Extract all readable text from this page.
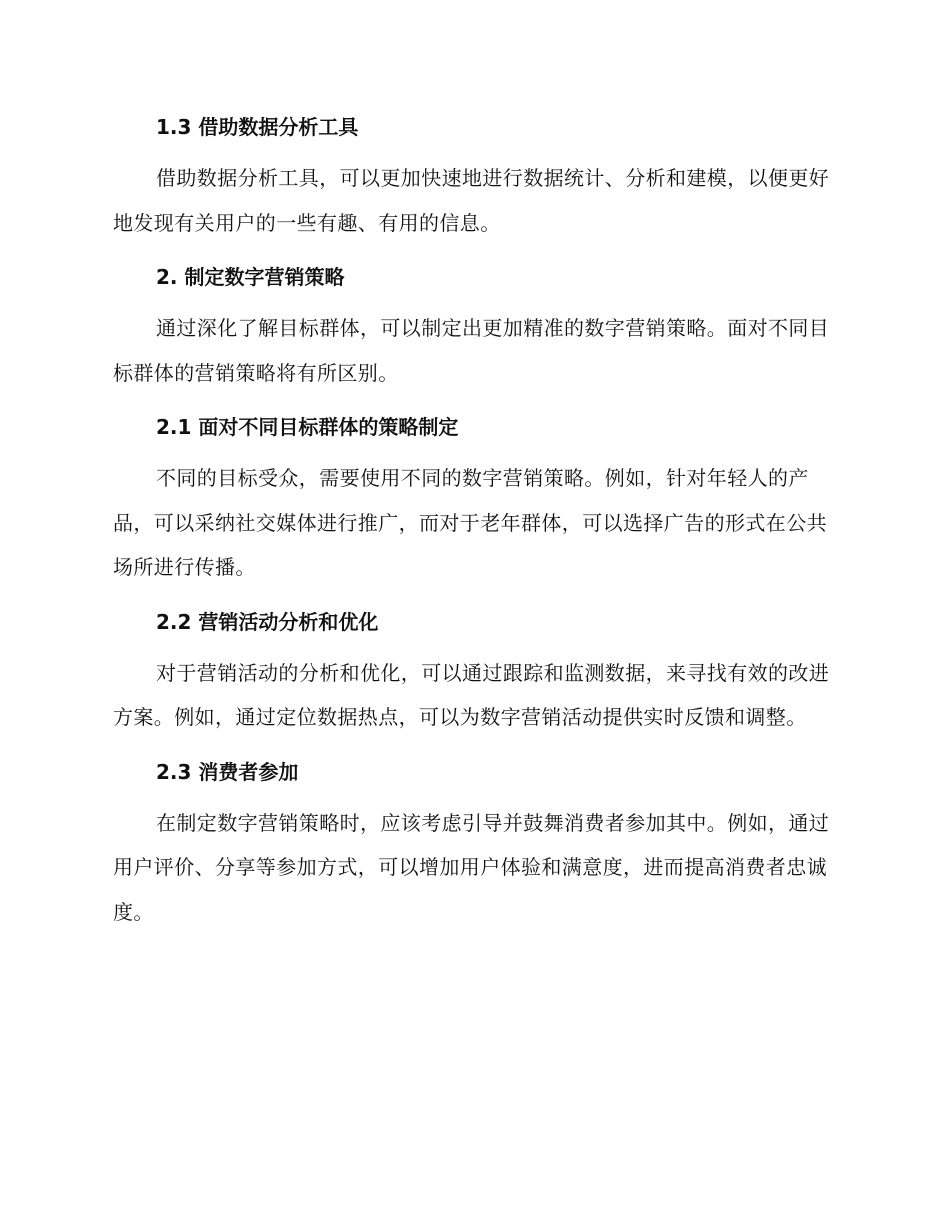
1.3 借助数据分析工具

借助数据分析工具，可以更加快速地进行数据统计、分析和建模，以便更好地发现有关用户的一些有趣、有用的信息。

2. 制定数字营销策略

通过深化了解目标群体，可以制定出更加精准的数字营销策略。面对不同目标群体的营销策略将有所区别。

2.1 面对不同目标群体的策略制定

不同的目标受众，需要使用不同的数字营销策略。例如，针对年轻人的产品，可以采纳社交媒体进行推广，而对于老年群体，可以选择广告的形式在公共场所进行传播。

2.2 营销活动分析和优化

对于营销活动的分析和优化，可以通过跟踪和监测数据，来寻找有效的改进方案。例如，通过定位数据热点，可以为数字营销活动提供实时反馈和调整。

2.3 消费者参加

在制定数字营销策略时，应该考虑引导并鼓舞消费者参加其中。例如，通过用户评价、分享等参加方式，可以增加用户体验和满意度，进而提高消费者忠诚度。
